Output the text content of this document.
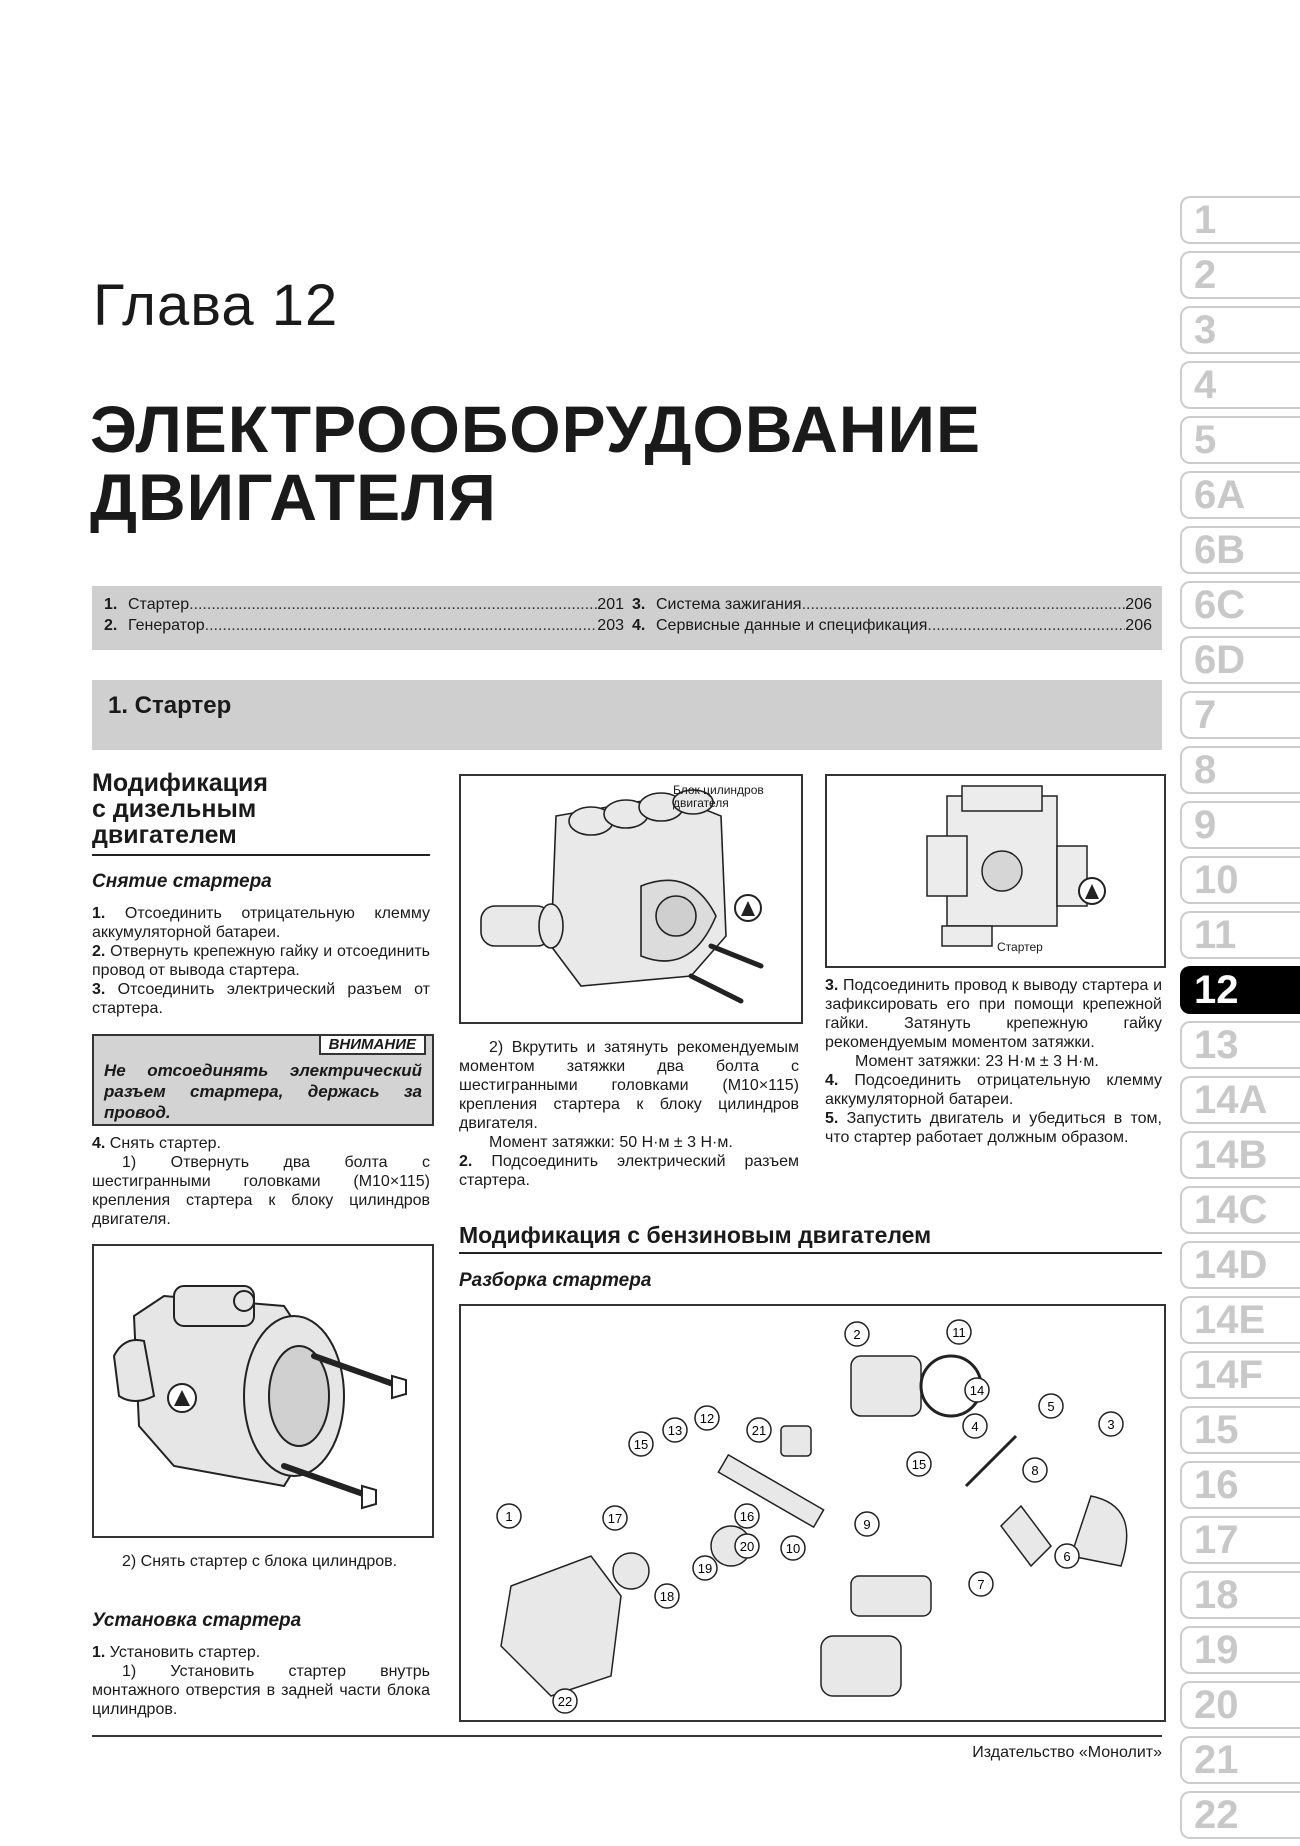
Глава 12
ЭЛЕКТРООБОРУДОВАНИЕ
ДВИГАТЕЛЯ
1. Стартер .....	201
2. Генератор .....	203
3. Система зажигания .....	206
4. Сервисные данные и спецификация .....	206
1. Стартер
Модификация
с дизельным
двигателем
Снятие стартера

1. Отсоединить отрицательную клемму аккумуляторной батареи.

2. Отвернуть крепежную гайку и отсоединить провод от вывода стартера.

3. Отсоединить электрический разъем от стартера.

ВНИМАНИЕ
Не отсоединять электрический разъем стартера, держась за провод.

4. Снять стартер.

1) Отвернуть два болта с шестигранными головками (М10×115) крепления стартера к блоку цилиндров двигателя.

2) Снять стартер с блока цилиндров.

Установка стартера

1. Установить стартер.

1) Установить стартер внутрь монтажного отверстия в задней части блока цилиндров.

Блок цилиндров двигателя

2) Вкрутить и затянуть рекомендуемым моментом затяжки два болта с шестигранными головками (М10×115) крепления стартера к блоку цилиндров двигателя.

Момент затяжки: 50 Н·м ± 3 Н·м.

2. Подсоединить электрический разъем стартера.

Стартер

3. Подсоединить провод к выводу стартера и зафиксировать его при помощи крепежной гайки. Затянуть крепежную гайку рекомендуемым моментом затяжки.

Момент затяжки: 23 Н·м ± 3 Н·м.

4. Подсоединить отрицательную клемму аккумуляторной батареи.

5. Запустить двигатель и убедиться в том, что стартер работает должным образом.

Модификация с бензиновым двигателем
Разборка стартера
1
2
3
4
5
6
7
8
9
10
11
12
13
14
15
15
16
17
18
19
20
21
22
1
2
3
4
5
6A
6B
6C
6D
7
8
9
10
11
12
13
14A
14B
14C
14D
14E
14F
15
16
17
18
19
20
21
22
Издательство «Монолит»
